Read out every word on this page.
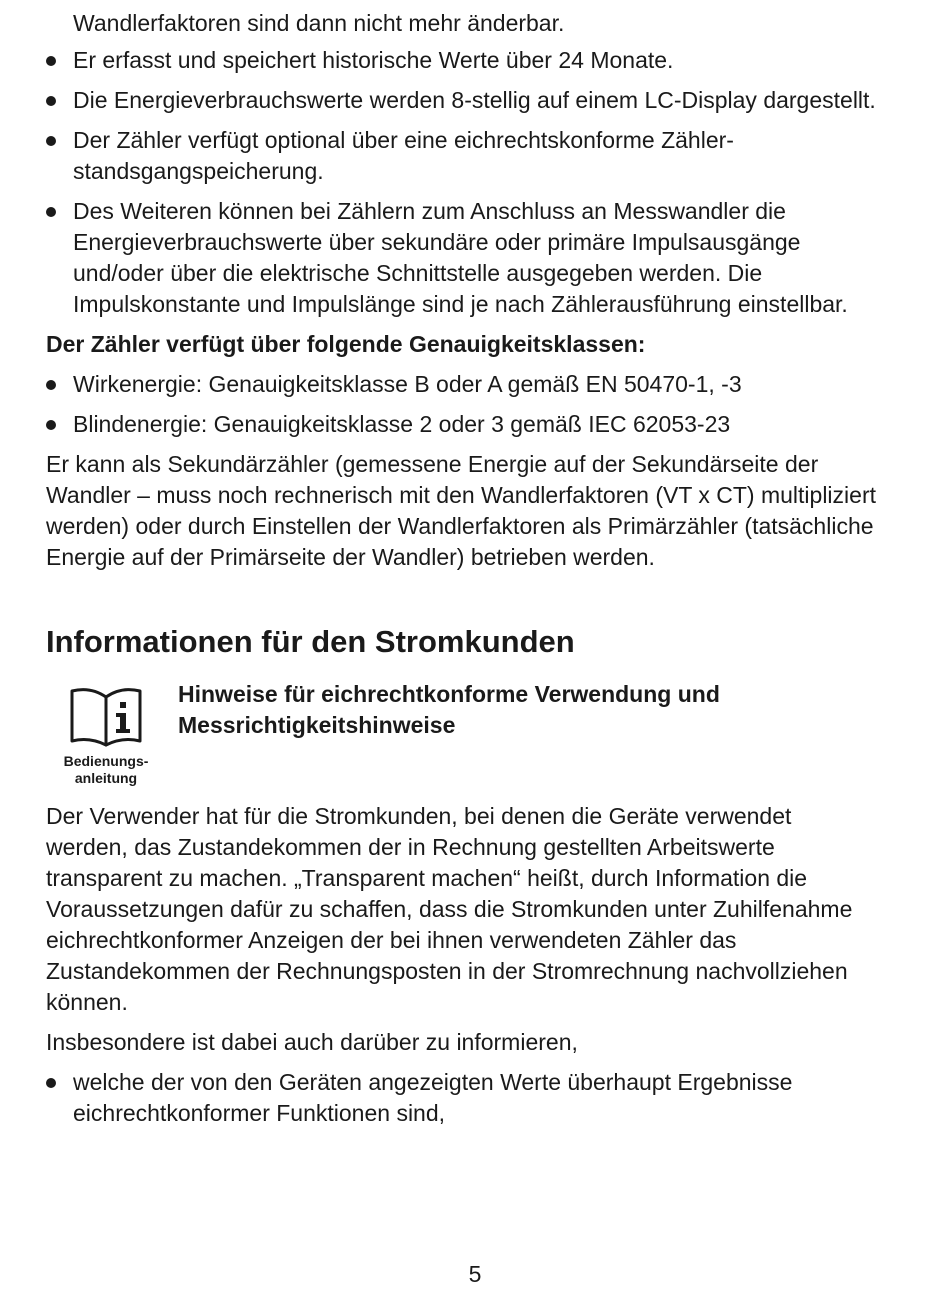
Wandlerfaktoren sind dann nicht mehr änderbar.
Er erfasst und speichert historische Werte über 24 Monate.
Die Energieverbrauchswerte werden 8-stellig auf einem LC-Display dargestellt.
Der Zähler verfügt optional über eine eichrechtskonforme Zählerstandsgangspeicherung.
Des Weiteren können bei Zählern zum Anschluss an Messwandler die Energieverbrauchswerte über sekundäre oder primäre Impulsausgänge und/oder über die elektrische Schnittstelle ausgegeben werden. Die Impulskonstante und Impulslänge sind je nach Zählerausführung einstellbar.
Der Zähler verfügt über folgende Genauigkeitsklassen:
Wirkenergie: Genauigkeitsklasse B oder A gemäß EN 50470-1, -3
Blindenergie: Genauigkeitsklasse 2 oder 3 gemäß IEC 62053-23

Er kann als Sekundärzähler (gemessene Energie auf der Sekundärseite der Wandler – muss noch rechnerisch mit den Wandlerfaktoren (VT x CT) multipliziert werden) oder durch Einstellen der Wandlerfaktoren als Primärzähler (tatsächliche Energie auf der Primärseite der Wandler) betrieben werden.

Informationen für den Stromkunden
Bedienungs-
anleitung
Hinweise für eichrechtkonforme Verwendung und Messrichtigkeitshinweise

Der Verwender hat für die Stromkunden, bei denen die Geräte verwendet werden, das Zustandekommen der in Rechnung gestellten Arbeitswerte transparent zu machen. „Transparent machen“ heißt, durch Information die Voraussetzungen dafür zu schaffen, dass die Stromkunden unter Zuhilfenahme eichrechtkonformer Anzeigen der bei ihnen verwendeten Zähler das Zustandekommen der Rechnungsposten in der Stromrechnung nachvollziehen können.

Insbesondere ist dabei auch darüber zu informieren,

welche der von den Geräten angezeigten Werte überhaupt Ergebnisse eichrechtkonformer Funktionen sind,
5
